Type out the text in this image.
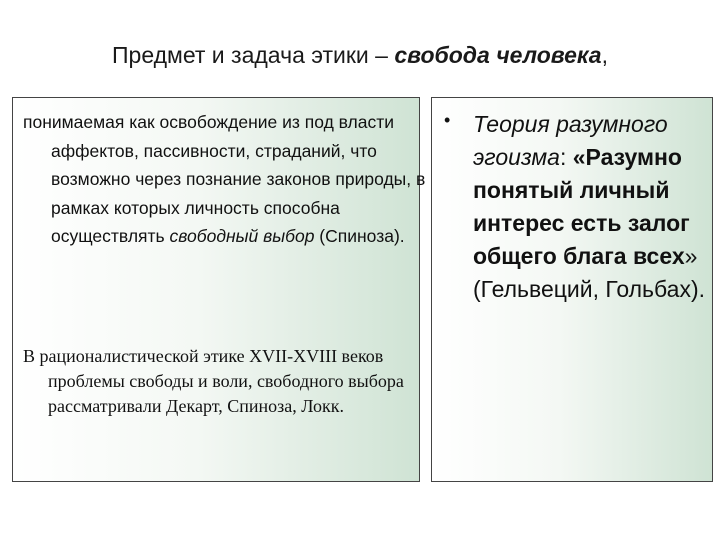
Предмет и задача этики – свобода человека,

понимаемая как освобождение из под власти аффектов, пассивности, страданий, что возможно через познание законов природы, в рамках которых личность способна осуществлять свободный выбор (Спиноза).

В рационалистической этике XVII-XVIII веков проблемы свободы и воли, свободного выбора рассматривали Декарт, Спиноза, Локк.

• Теория разумного эгоизма: «Разумно понятый личный интерес есть залог общего блага всех» (Гельвеций, Гольбах).
